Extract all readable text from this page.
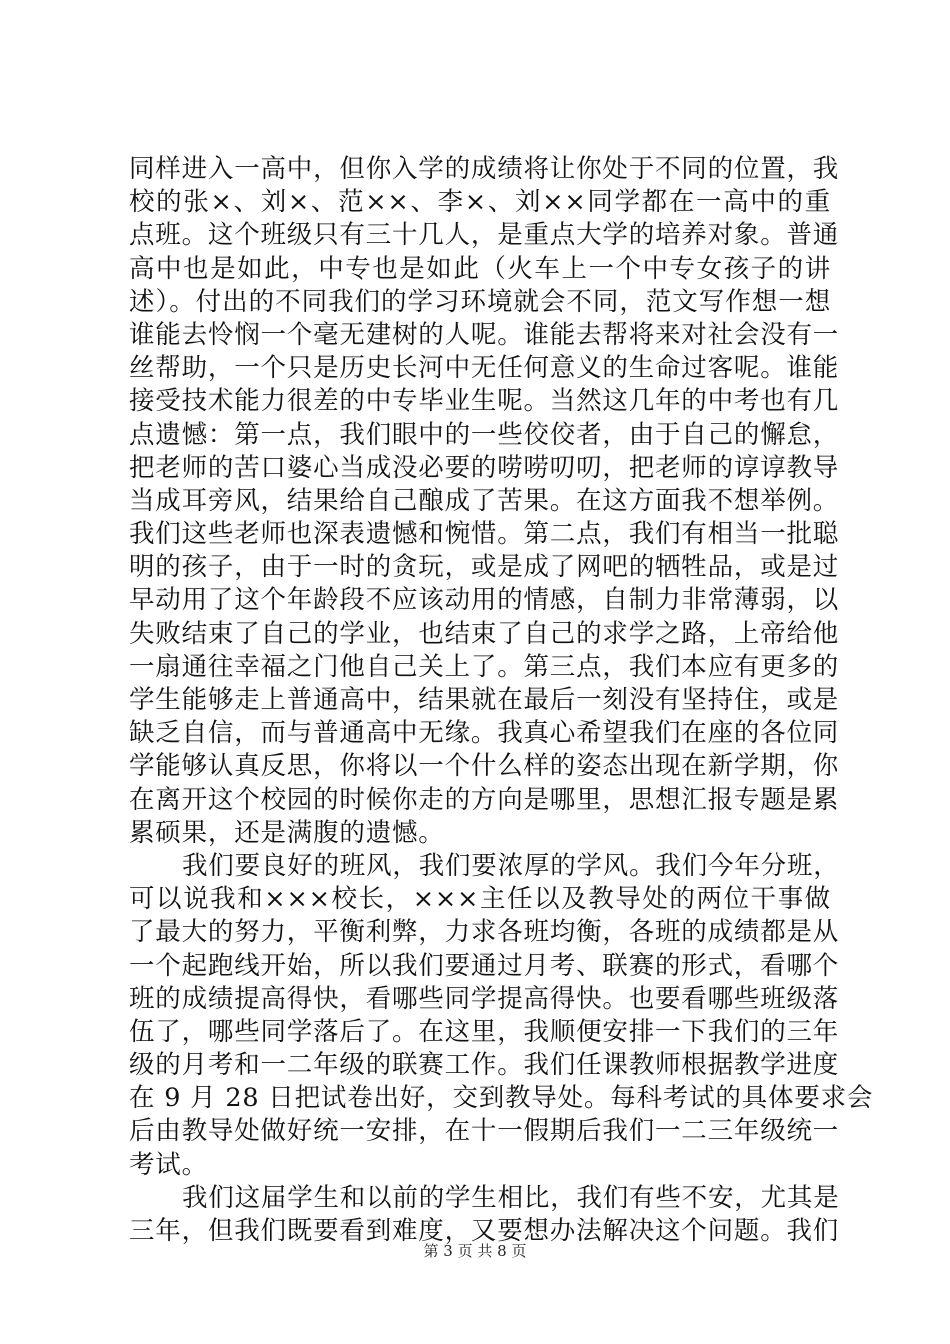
同样进入一高中，但你入学的成绩将让你处于不同的位置，我
校的张×、刘×、范××、李×、刘××同学都在一高中的重
点班。这个班级只有三十几人，是重点大学的培养对象。普通
高中也是如此，中专也是如此（火车上一个中专女孩子的讲
述）。付出的不同我们的学习环境就会不同，范文写作想一想
谁能去怜悯一个毫无建树的人呢。谁能去帮将来对社会没有一
丝帮助，一个只是历史长河中无任何意义的生命过客呢。谁能
接受技术能力很差的中专毕业生呢。当然这几年的中考也有几
点遗憾：第一点，我们眼中的一些佼佼者，由于自己的懈怠，
把老师的苦口婆心当成没必要的唠唠叨叨，把老师的谆谆教导
当成耳旁风，结果给自己酿成了苦果。在这方面我不想举例。
我们这些老师也深表遗憾和惋惜。第二点，我们有相当一批聪
明的孩子，由于一时的贪玩，或是成了网吧的牺牲品，或是过
早动用了这个年龄段不应该动用的情感，自制力非常薄弱，以
失败结束了自己的学业，也结束了自己的求学之路，上帝给他
一扇通往幸福之门他自己关上了。第三点，我们本应有更多的
学生能够走上普通高中，结果就在最后一刻没有坚持住，或是
缺乏自信，而与普通高中无缘。我真心希望我们在座的各位同
学能够认真反思，你将以一个什么样的姿态出现在新学期，你
在离开这个校园的时候你走的方向是哪里，思想汇报专题是累
累硕果，还是满腹的遗憾。
我们要良好的班风，我们要浓厚的学风。我们今年分班，
可以说我和×××校长，×××主任以及教导处的两位干事做
了最大的努力，平衡利弊，力求各班均衡，各班的成绩都是从
一个起跑线开始，所以我们要通过月考、联赛的形式，看哪个
班的成绩提高得快，看哪些同学提高得快。也要看哪些班级落
伍了，哪些同学落后了。在这里，我顺便安排一下我们的三年
级的月考和一二年级的联赛工作。我们任课教师根据教学进度
在 9 月 28 日把试卷出好，交到教导处。每科考试的具体要求会
后由教导处做好统一安排，在十一假期后我们一二三年级统一
考试。
我们这届学生和以前的学生相比，我们有些不安，尤其是
三年，但我们既要看到难度，又要想办法解决这个问题。我们
第 3 页 共 8 页
